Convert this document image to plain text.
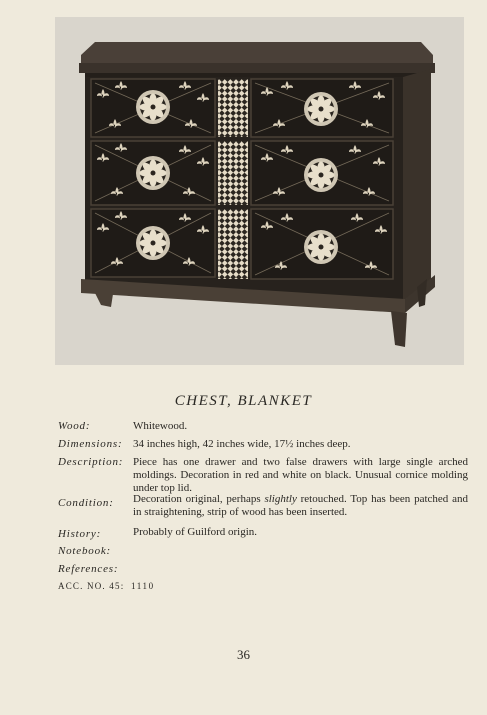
CHEST, BLANKET
Wood:	Whitewood.
Dimensions: 34 inches high, 42 inches wide, 17½ inches deep.
Description: Piece has one drawer and two false drawers with large single arched moldings. Decoration in red and white on black. Unusual cornice molding under top lid.
Condition:	Decoration original, perhaps slightly retouched. Top has been patched and in straightening, strip of wood has been inserted.
History:	Probably of Guilford origin.
Notebook:
References:
ACC. NO. 45: 1110
36
